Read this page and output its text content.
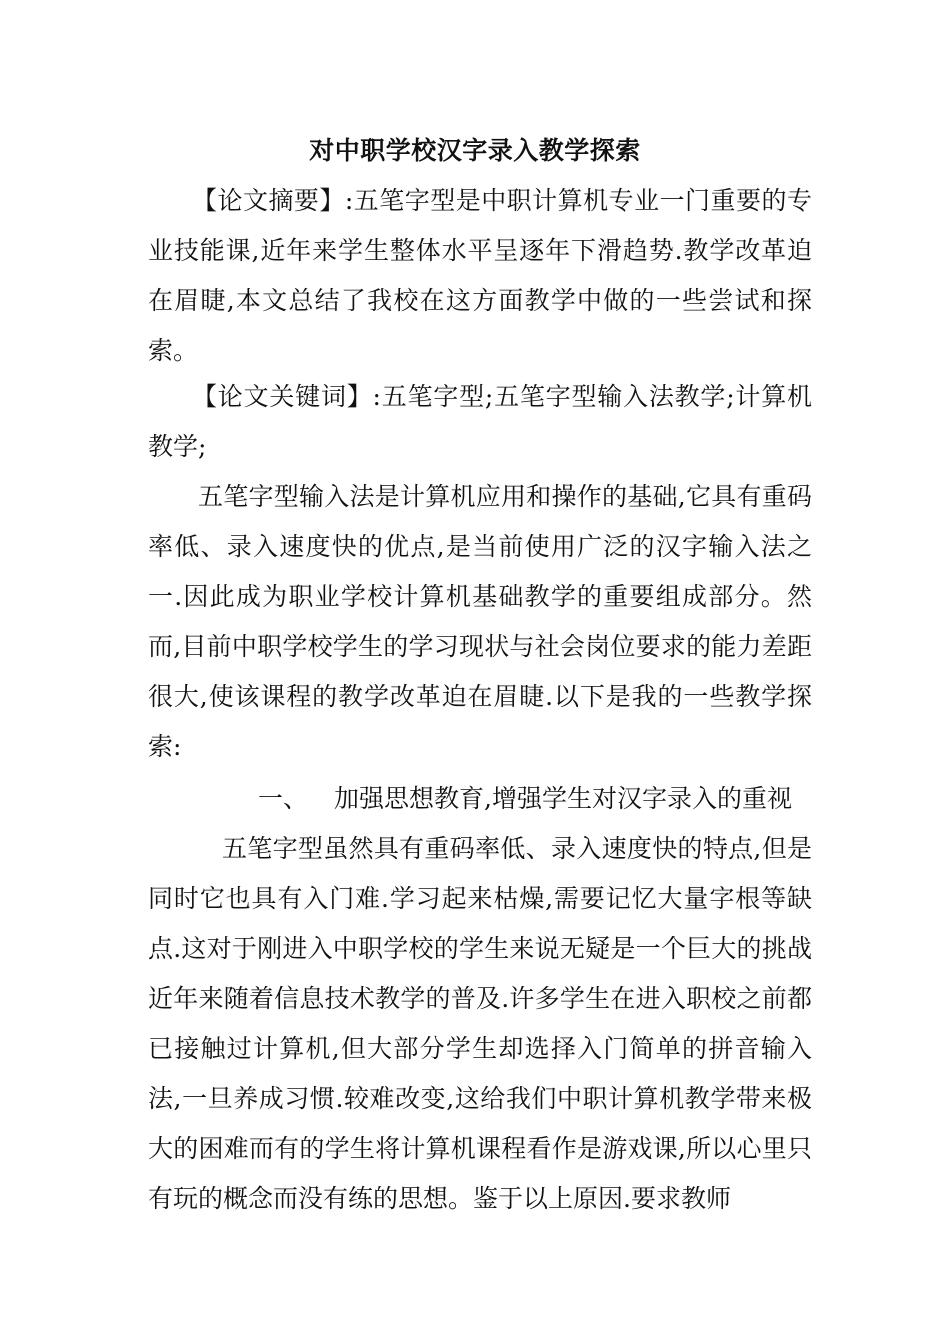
对中职学校汉字录入教学探索

【论文摘要】:五笔字型是中职计算机专业一门重要的专业技能课,近年来学生整体水平呈逐年下滑趋势.教学改革迫在眉睫,本文总结了我校在这方面教学中做的一些尝试和探索。

【论文关键词】:五笔字型;五笔字型输入法教学;计算机教学;

五笔字型输入法是计算机应用和操作的基础,它具有重码率低、录入速度快的优点,是当前使用广泛的汉字输入法之一.因此成为职业学校计算机基础教学的重要组成部分。然而,目前中职学校学生的学习现状与社会岗位要求的能力差距很大,使该课程的教学改革迫在眉睫.以下是我的一些教学探索:

一、 加强思想教育,增强学生对汉字录入的重视

五笔字型虽然具有重码率低、录入速度快的特点,但是同时它也具有入门难.学习起来枯燥,需要记忆大量字根等缺点.这对于刚进入中职学校的学生来说无疑是一个巨大的挑战近年来随着信息技术教学的普及.许多学生在进入职校之前都已接触过计算机,但大部分学生却选择入门简单的拼音输入法,一旦养成习惯.较难改变,这给我们中职计算机教学带来极大的困难而有的学生将计算机课程看作是游戏课,所以心里只有玩的概念而没有练的思想。鉴于以上原因.要求教师
